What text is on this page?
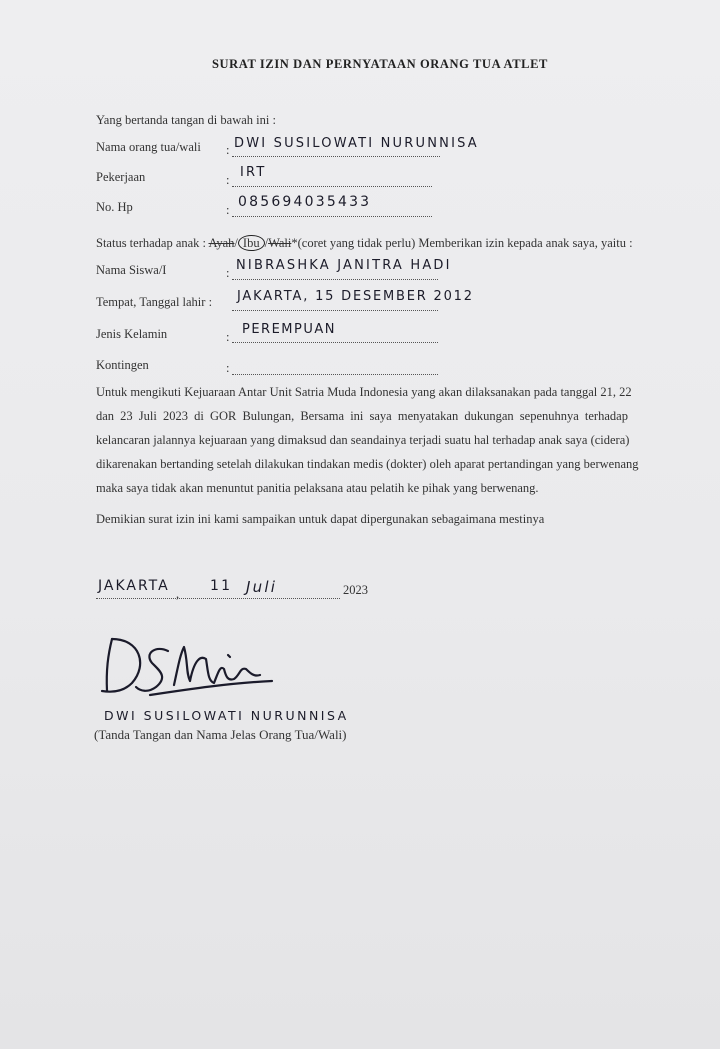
SURAT IZIN DAN PERNYATAAN ORANG TUA ATLET
Yang bertanda tangan di bawah ini :
Nama orang tua/wali : DWI SUSILOWATI NURUNNISA
Pekerjaan	: IRT
No. Hp	: 085694035433
Status terhadap anak : Ayah/ Ibu /Wali*(coret yang tidak perlu) Memberikan izin kepada anak saya, yaitu :
Nama Siswa/I	: NIBRASHKA JANITRA HADI
Tempat, Tanggal lahir : JAKARTA, 15 DESEMBER 2012
Jenis Kelamin	: PEREMPUAN
Kontingen	:
Untuk mengikuti Kejuaraan Antar Unit Satria Muda Indonesia yang akan dilaksanakan pada tanggal 21, 22
dan 23 Juli 2023 di GOR Bulungan, Bersama ini saya menyatakan dukungan sepenuhnya terhadap
kelancaran jalannya kejuaraan yang dimaksud dan seandainya terjadi suatu hal terhadap anak saya (cidera)
dikarenakan bertanding setelah dilakukan tindakan medis (dokter) oleh aparat pertandingan yang berwenang
maka saya tidak akan menuntut panitia pelaksana atau pelatih ke pihak yang berwenang.
Demikian surat izin ini kami sampaikan untuk dapat dipergunakan sebagaimana mestinya
JAKARTA , 11 Juli	2023
DWI SUSILOWATI NURUNNISA
(Tanda Tangan dan Nama Jelas Orang Tua/Wali)
